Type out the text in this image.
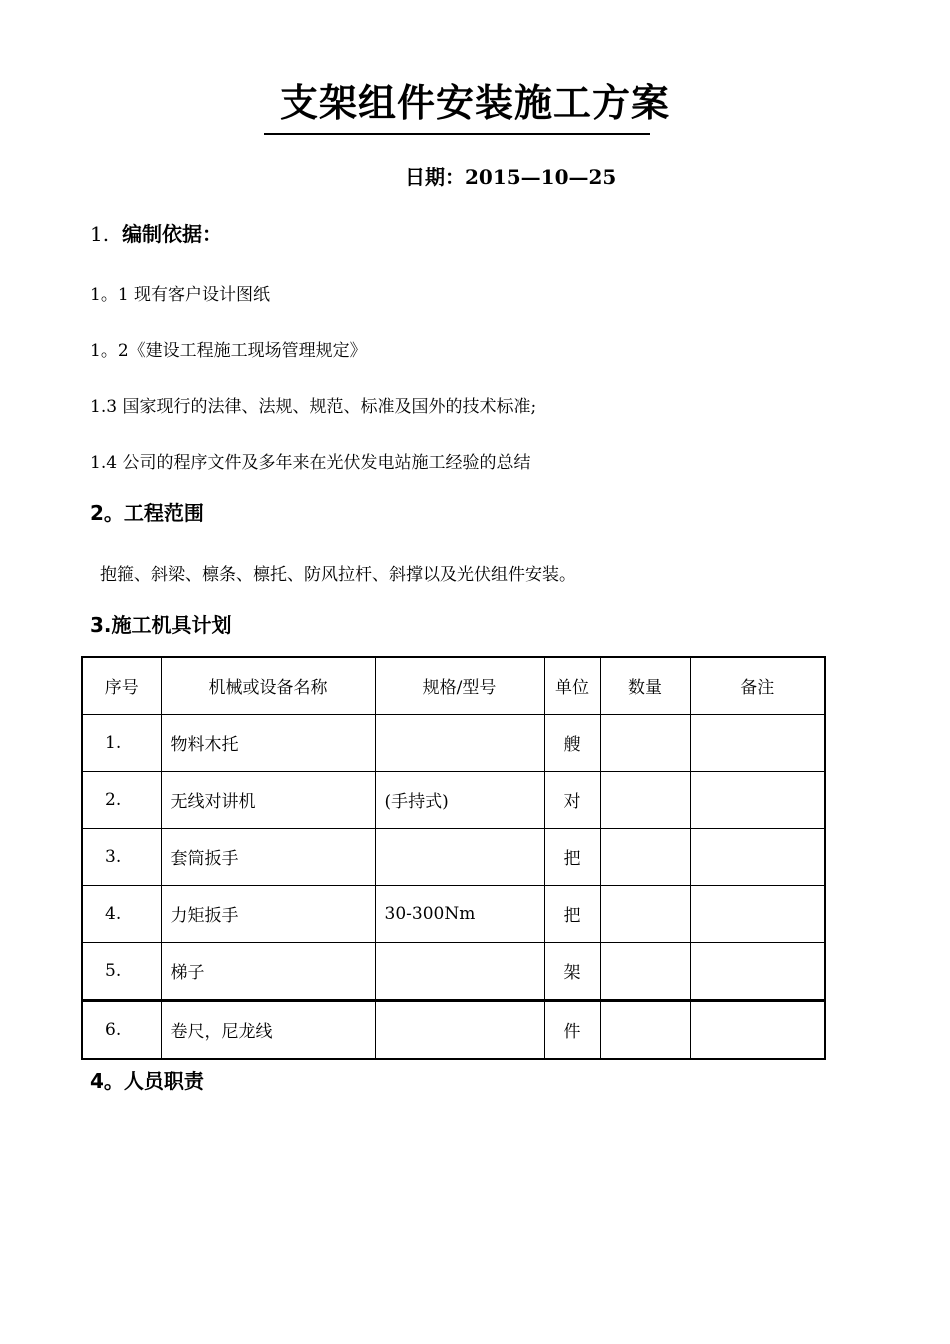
支架组件安装施工方案
日期：2015—10—25
1. 编制依据：
1。1 现有客户设计图纸
1。2《建设工程施工现场管理规定》
1.3 国家现行的法律、法规、规范、标准及国外的技术标准;
1.4 公司的程序文件及多年来在光伏发电站施工经验的总结
2。工程范围
抱箍、斜梁、檩条、檩托、防风拉杆、斜撑以及光伏组件安装。
3.施工机具计划
序号	机械或设备名称	规格/型号	单位	数量	备注
1.	物料木托		艘		
2.	无线对讲机	(手持式)	对		
3.	套筒扳手		把		
4.	力矩扳手	30-300Nm	把		
5.	梯子		架		
6.	卷尺，尼龙线		件		
4。人员职责
